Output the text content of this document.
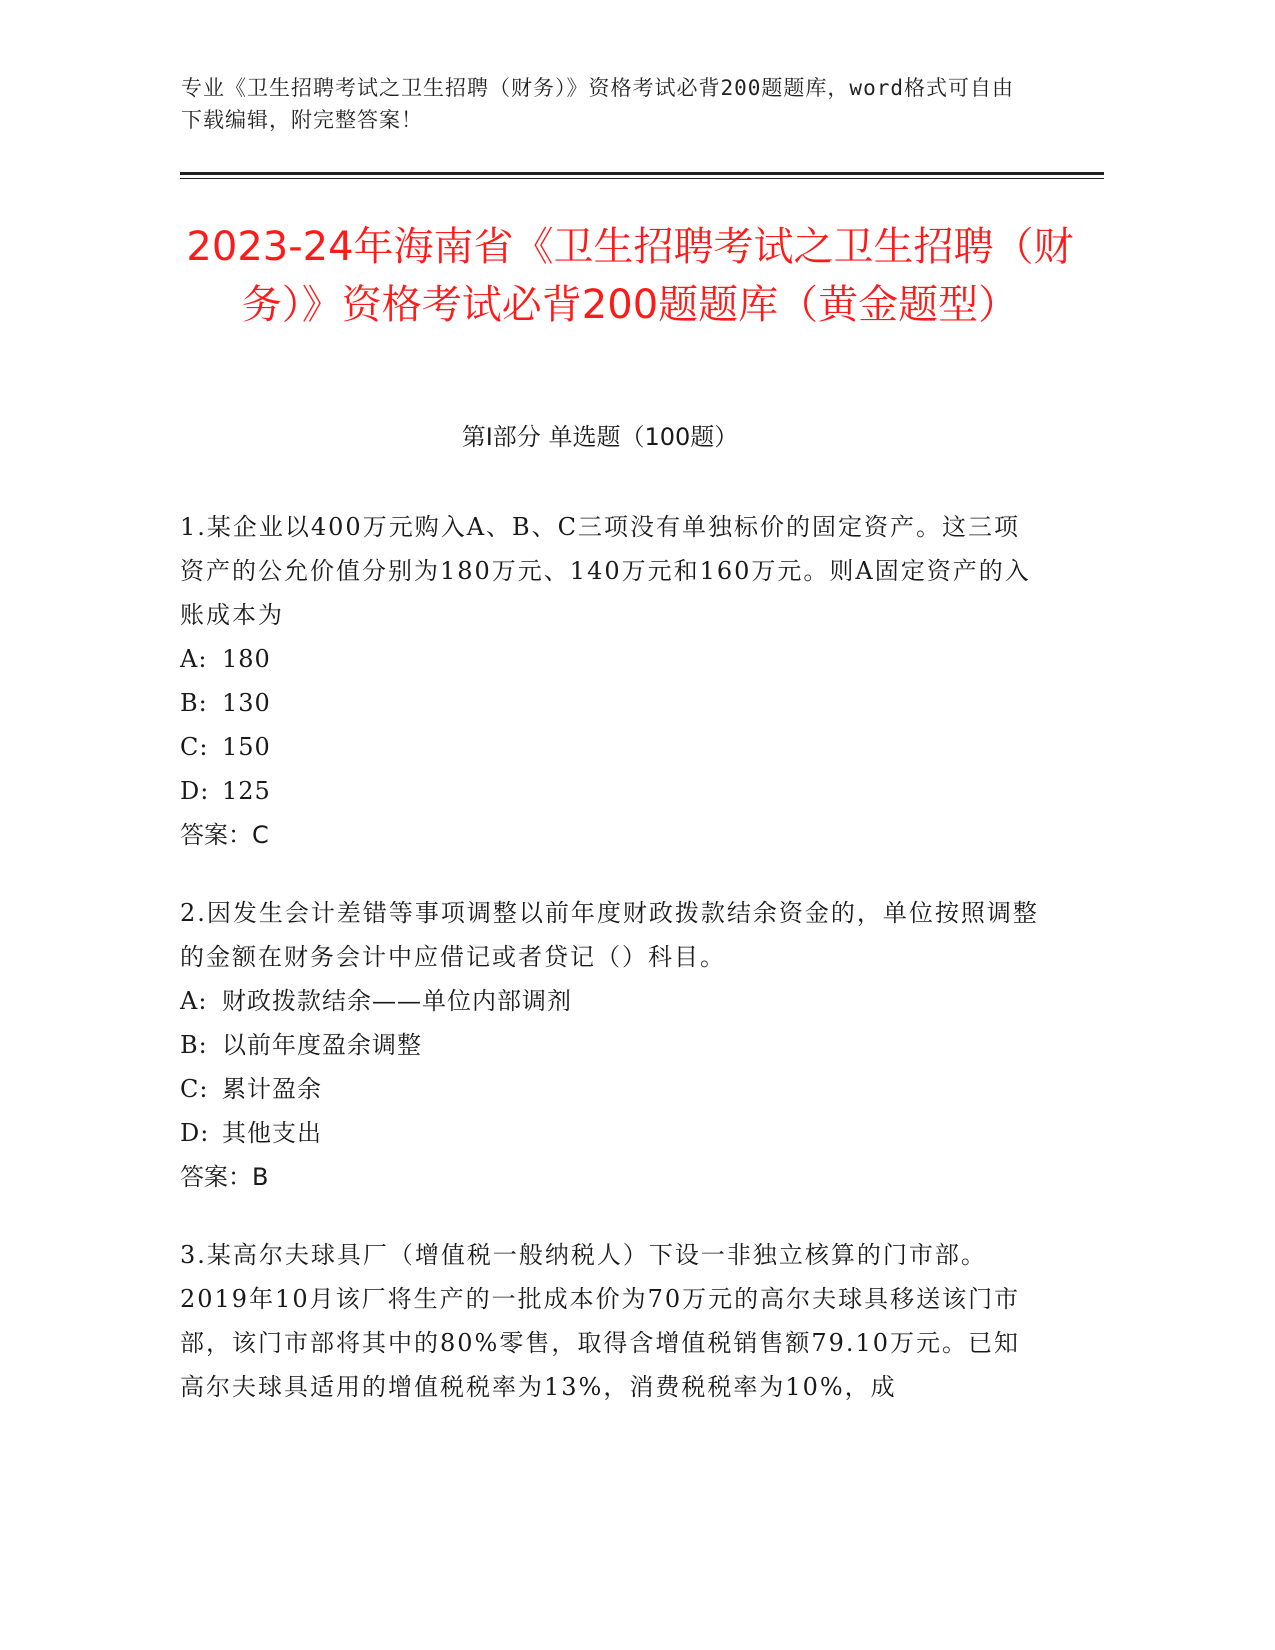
专业《卫生招聘考试之卫生招聘（财务）》资格考试必背200题题库，word格式可自由下载编辑，附完整答案！
2023-24年海南省《卫生招聘考试之卫生招聘（财务）》资格考试必背200题题库（黄金题型）
第I部分 单选题（100题）

1.某企业以400万元购入A、B、C三项没有单独标价的固定资产。这三项资产的公允价值分别为180万元、140万元和160万元。则A固定资产的入账成本为

A: 180

B: 130

C: 150

D: 125

答案：C

2.因发生会计差错等事项调整以前年度财政拨款结余资金的，单位按照调整的金额在财务会计中应借记或者贷记（）科目。

A: 财政拨款结余——单位内部调剂

B: 以前年度盈余调整

C: 累计盈余

D: 其他支出

答案：B

3.某高尔夫球具厂（增值税一般纳税人）下设一非独立核算的门市部。2019年10月该厂将生产的一批成本价为70万元的高尔夫球具移送该门市部，该门市部将其中的80%零售，取得含增值税销售额79.10万元。已知高尔夫球具适用的增值税税率为13%，消费税税率为10%，成
